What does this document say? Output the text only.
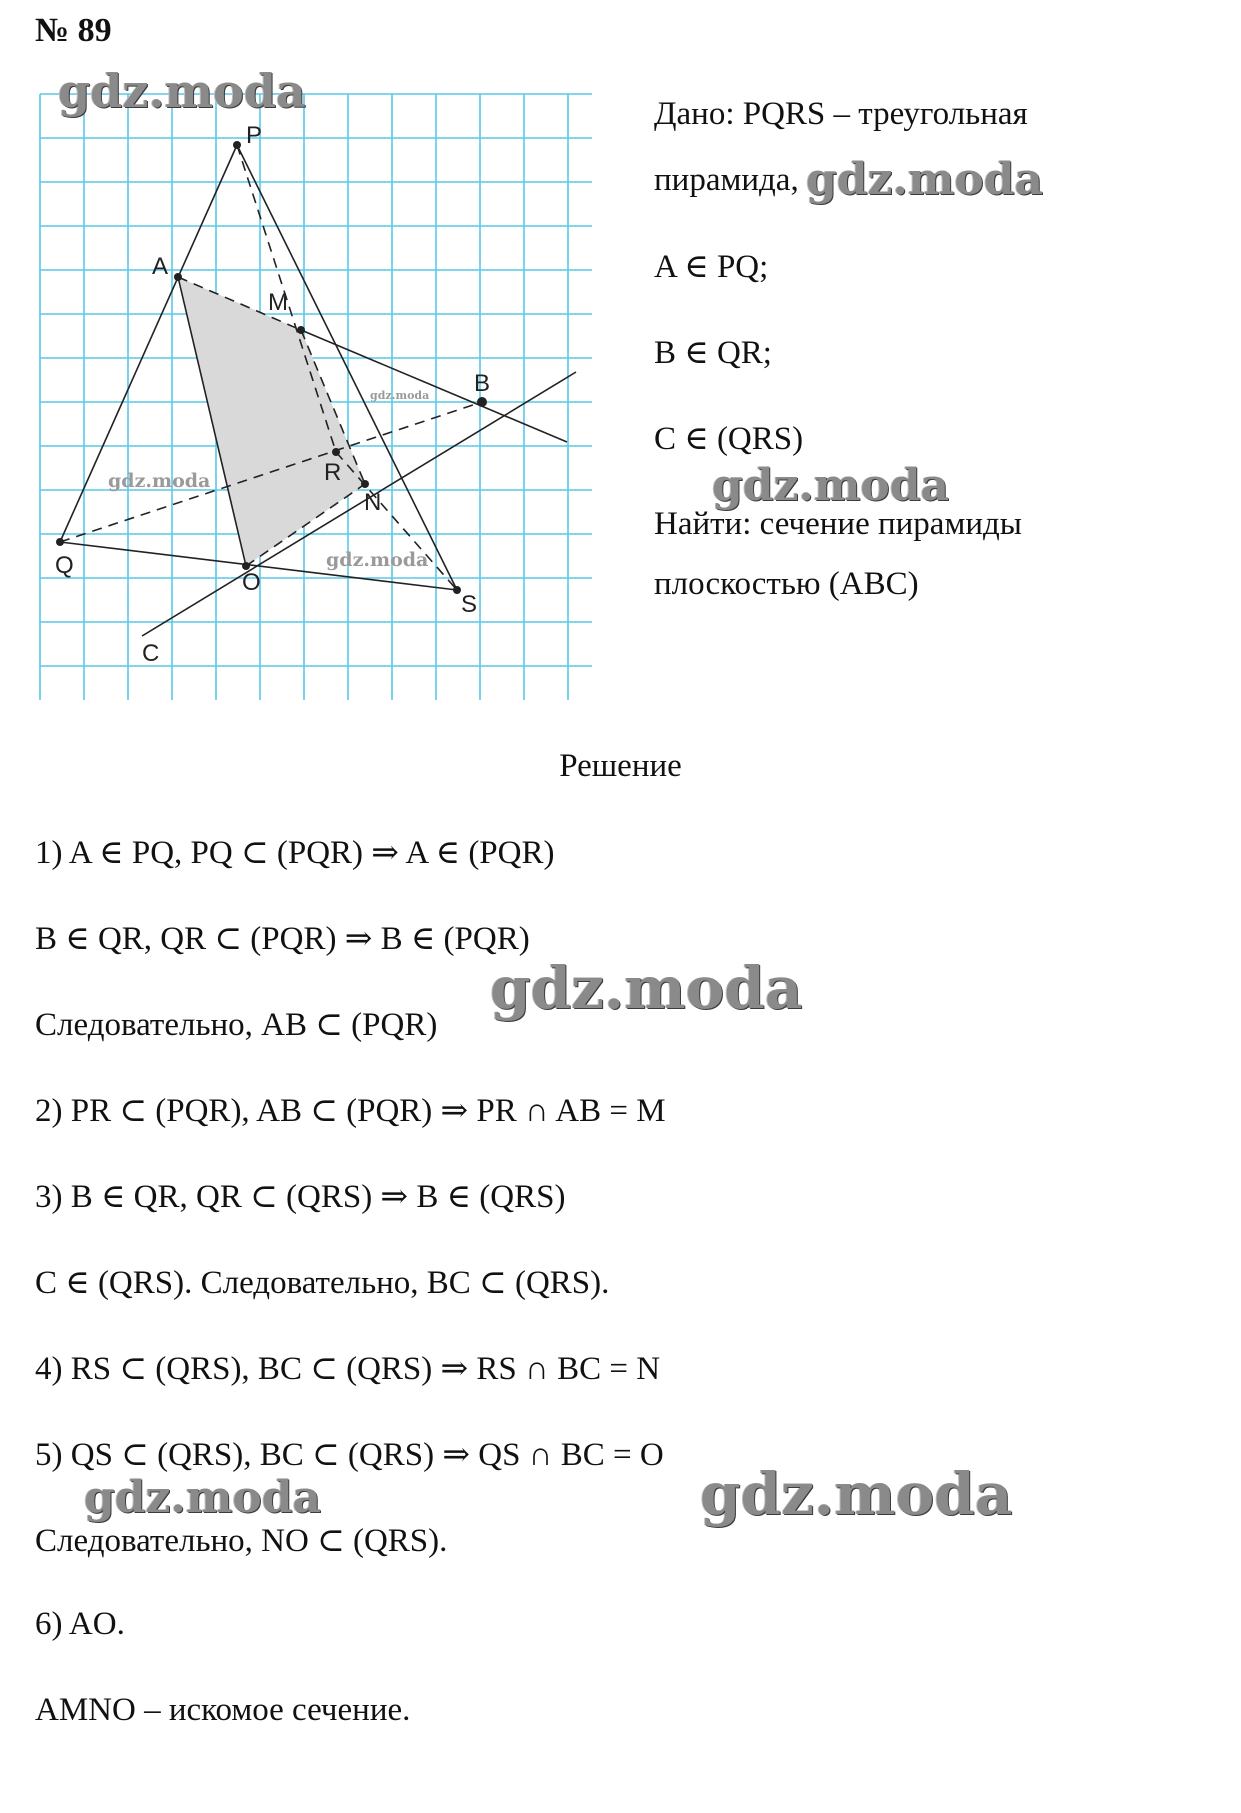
№ 89
P
A
M
B
R
N
Q
O
S
C
gdz.moda
gdz.moda
gdz.moda
gdz.moda	Дано: PQRS – треугольная
пирамида,
A ∈ PQ;
B ∈ QR;
C ∈ (QRS)
Найти: сечение пирамиды
плоскостью (ABC)
gdz.moda
gdz.moda
Решение
1) A ∈ PQ, PQ ⊂ (PQR) ⇒ A ∈ (PQR)
B ∈ QR, QR ⊂ (PQR) ⇒ B ∈ (PQR)
Следовательно, AB ⊂ (PQR)
2) PR ⊂ (PQR), AB ⊂ (PQR) ⇒ PR ∩ AB = M
3) B ∈ QR, QR ⊂ (QRS) ⇒ B ∈ (QRS)
C ∈ (QRS). Следовательно, BC ⊂ (QRS).
4) RS ⊂ (QRS), BC ⊂ (QRS) ⇒ RS ∩ BC = N
5) QS ⊂ (QRS), BC ⊂ (QRS) ⇒ QS ∩ BC = O
Следовательно, NO ⊂ (QRS).
6) AO.
AMNO – искомое сечение.
gdz.moda
gdz.moda	gdz.moda
